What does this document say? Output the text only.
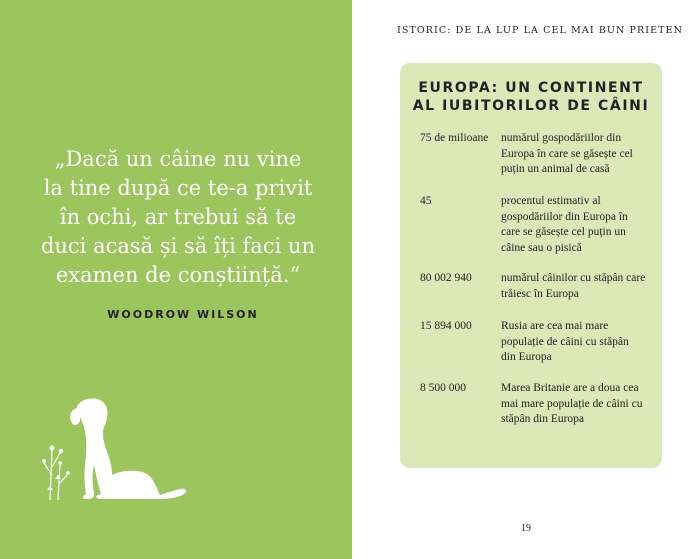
„Dacă un câine nu vine
la tine după ce te-a privit
în ochi, ar trebui să te
duci acasă și să îți faci un
examen de conștiință.“
WOODROW WILSON
ISTORIC: DE LA LUP LA CEL MAI BUN PRIETEN
EUROPA: UN CONTINENT
AL IUBITORILOR DE CÂINI
75 de milioane	numărul gospodăriilor din Europa în care se găsește cel puțin un animal de casă
45	procentul estimativ al gospodăriilor din Europa în care se găsește cel puțin un câine sau o pisică
80 002 940	numărul câinilor cu stăpân care trăiesc în Europa
15 894 000	Rusia are cea mai mare populație de câini cu stăpân din Europa
8 500 000	Marea Britanie are a doua cea mai mare populație de câini cu stăpân din Europa
19
